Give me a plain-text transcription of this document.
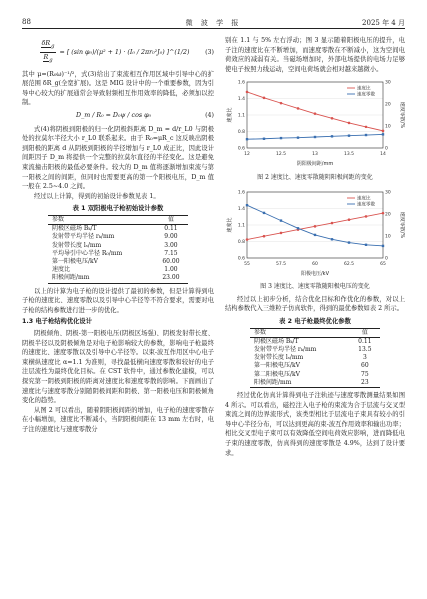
88	微 波 学 报	2025 年 4 月
$\frac{\delta R_g}{R_g}$ = [ (sin φ₀)/(μ² + 1) · (I₀ / 2πr₀²J₀) ]^(1/2)	(3)

其中 μ=(R₀ω)⁻¹/²，式(3)给出了束流相互作用区域中引导中心的扩展范围 δR_g(全宽扩展)。这是 MIG 设计中的一个重要参数，因为引导中心较大的扩展通常会导致射频相互作用效率的降低，必须加以控制。

D_m / R₀ = D₀ψ / cos φ₀	(4)

式(4)将阴极到阳极的归一化阴极斜距离 D_m = d/r_L0 与阴极处的拉莫尔半径大小 r_L0 联系起来。由于 R₀=μR_c 这反映出阴极到阳极的距离 d 从阴极到阳极的半径增加与 r_L0 成正比，因此设计间距因子 D_m 将提供一个完整的拉莫尔直径的半径变化。这是避免束流撞击阳极的最低必要条件。较大的 D_m 值将逐渐增加束流与第一阳极之间的间距，但同时也需要更高的第一个阳极电压，D_m 值一般在 2.5~4.0 之间。

经过以上计算，得到的初始设计参数见表 1。

表 1 双阳极电子枪初始设计参数
参数	值
阴极区磁场 Bₖ/T	0.11
发射带平均半径 rₖ/mm	9.00
发射带长度 lₛ/mm	3.00
平均导引中心半径 R₀/mm	7.15
第一阳极电压/kV	60.00
速度比	1.00
阳极间距/mm	23.00

以上的计算为电子枪的设计提供了最初的参数，但是计算得到电子枪的速度比、速度零散以及引导中心半径等不符合要求，需要对电子枪的结构参数进行进一步的优化。

1.3 电子枪结构优化设计

阴极倾角、阴极-第一阳极电压(阴极区场强)、阴极发射带长度、阴极半径以及阴极倾角是对电子枪影响较大的参数，影响电子枪最终的速度比、速度零散以及引导中心半径等。以束-波互作用区中心电子束横纵速度比 α=1.1 为准则，寻找最低横向速度零散和较好的电子注层流性为最终优化目标。在 CST 软件中，通过参数化建模，可以探究第一阴极到阳极的距离对速度比和速度零散的影响。下面画出了速度比与速度零散分别随阴极间距和阴极、第一阳极电压和阴极倾角变化的趋势。

从图 2 可以看出，随着阴阳极间距的增加，电子枪的速度零散存在小幅增加，速度比不断减小，当阴阳极间距在 13 mm 左右时，电子注的速度比与速度零散分

别在 1.1 与 5% 左右浮动；图 3 显示随着阳极电压的提升，电子注的速度比在不断增加，而速度零散在不断减小，这为空间电荷效应的减弱有关。当磁场增加时，外部电场提供的电场力足够使电子按照力线运动，空间电荷场就会相对越来越微小。

12	12.5	13	13.5	14
0.6
0.8
1.1
1.4
1.6
0
10
20
30
阴阳极间距/mm
速度比	速度零散/%
速度比
速度零散
图 2 速度比、速度零散随阴阳极间距的变化
55	57.5	60	62.5	65
0.6
0.8
1.1
1.4
1.6
0
10
20
30
阳极电压/kV
速度比	速度零散/%
速度比
速度零散
图 3 速度比、速度零散随阳极电压的变化

经过以上初步分析，结合优化目标和作优化的参数，对以上结构参数代入三维粒子仿真软件，得到的最优参数如表 2 所示。

表 2 电子枪最终优化参数
参数	值
阴极区磁场 Bₖ/T	0.11
发射带平均半径 rₖ/mm	13.5
发射带长度 lₛ/mm	3
第一阳极电压/kV	60
第二阳极电压/kV	75
阳极间距/mm	23

经过优化仿真计算得到电子注轨迹与速度零散测量结果如图 4 所示。可以看出，磁控注入电子枪的束流为合于层流与交叉型束流之间的边界流形式，该类型相比于层流电子束具有较小的引导中心半径分布，可以达到更高的束-波互作用效率和输出功率；相比交叉型电子束可以有效降低空间电荷效应影响，进而降低电子束的速度零散，仿真得到的速度零散是 4.9%，达到了设计要求。
